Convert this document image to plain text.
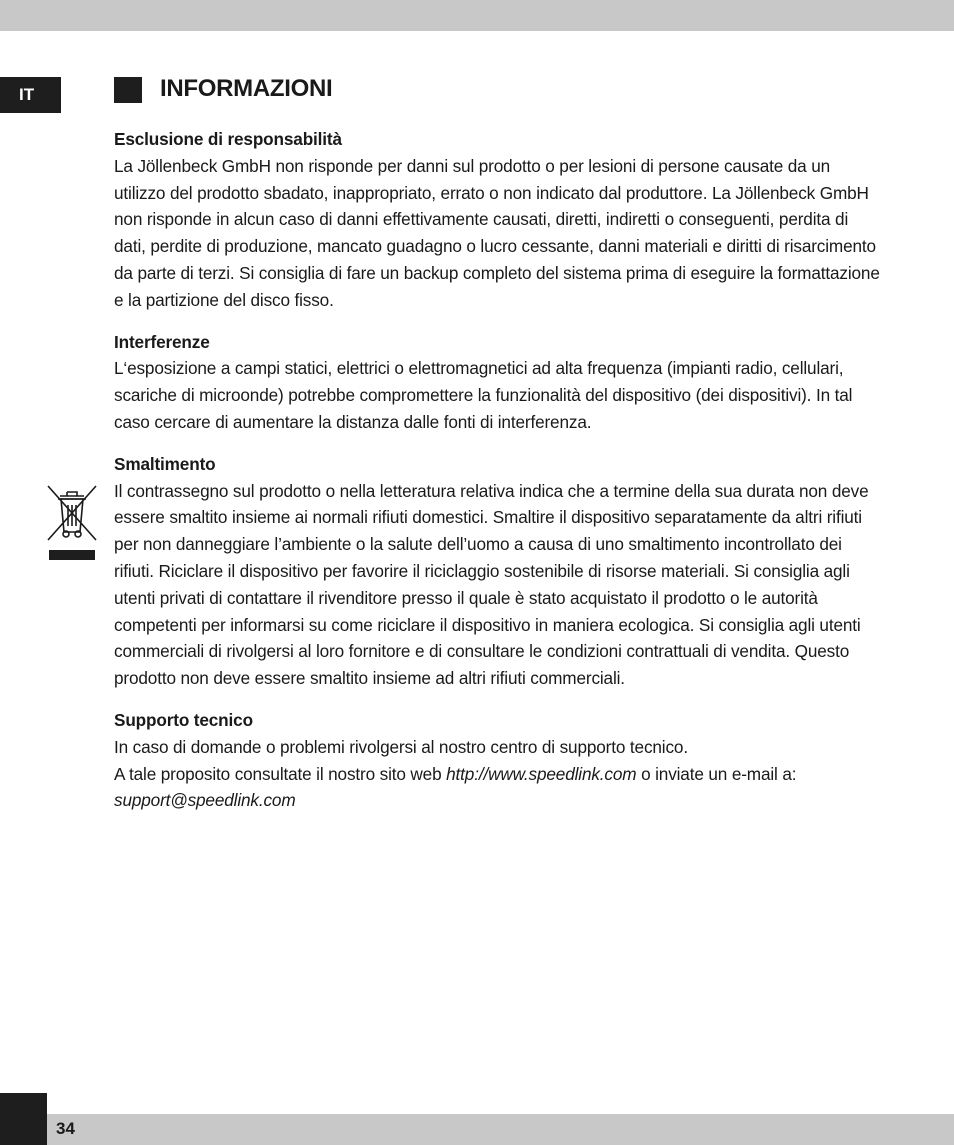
IT	INFORMAZIONI
Esclusione di responsabilità

La Jöllenbeck GmbH non risponde per danni sul prodotto o per lesioni di persone causate da un utilizzo del prodotto sbadato, inappropriato, errato o non indicato dal produttore. La Jöllenbeck GmbH non risponde in alcun caso di danni effettivamente causati, diretti, indiretti o conseguenti, perdita di dati, perdite di produzione, mancato guadagno o lucro cessante, danni materiali e diritti di risarcimento da parte di terzi. Si consiglia di fare un backup completo del sistema prima di eseguire la formattazione e la partizione del disco fisso.

Interferenze

L‘esposizione a campi statici, elettrici o elettromagnetici ad alta frequenza (impianti radio, cellulari, scariche di microonde) potrebbe compromettere la funzionalità del dispositivo (dei dispositivi). In tal caso cercare di aumentare la distanza dalle fonti di interferenza.

Smaltimento

Il contrassegno sul prodotto o nella letteratura relativa indica che a termine della sua durata non deve essere smaltito insieme ai normali rifiuti domestici. Smaltire il dispositivo separatamente da altri rifiuti per non danneggiare l’ambiente o la salute dell’uomo a causa di uno smaltimento incontrollato dei rifiuti. Riciclare il dispositivo per favorire il riciclaggio sostenibile di risorse materiali. Si consiglia agli utenti privati di contattare il rivenditore presso il quale è stato acquistato il prodotto o le autorità competenti per informarsi su come riciclare il dispositivo in maniera ecologica. Si consiglia agli utenti commerciali di rivolgersi al loro fornitore e di consultare le condizioni contrattuali di vendita. Questo prodotto non deve essere smaltito insieme ad altri rifiuti commerciali.

Supporto tecnico

In caso di domande o problemi rivolgersi al nostro centro di supporto tecnico.

A tale proposito consultate il nostro sito web http://www.speedlink.com o inviate un e-mail a:

support@speedlink.com

34
